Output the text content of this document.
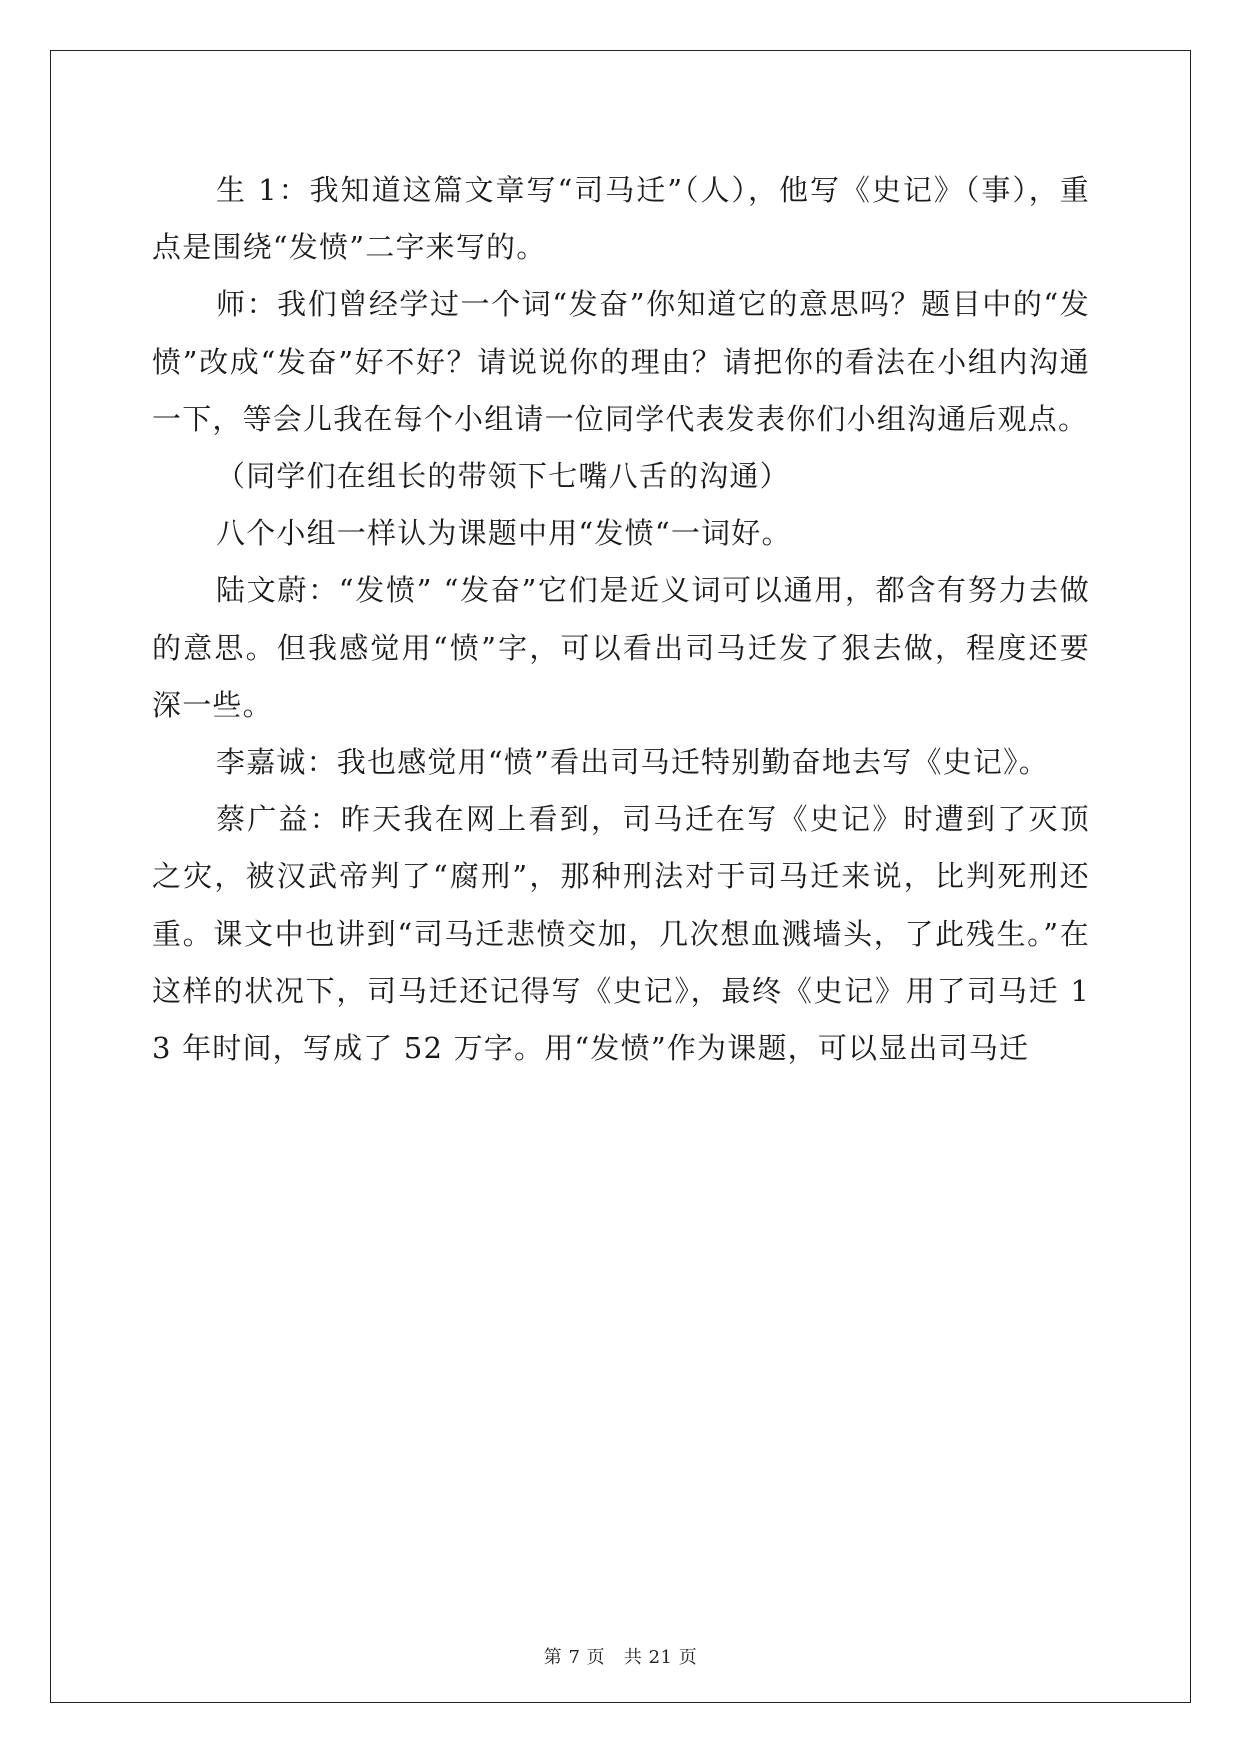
生 1：我知道这篇文章写“司马迁”（人），他写《史记》（事），重点是围绕“发愤”二字来写的。

师：我们曾经学过一个词“发奋”你知道它的意思吗？题目中的“发愤”改成“发奋”好不好？请说说你的理由？请把你的看法在小组内沟通一下，等会儿我在每个小组请一位同学代表发表你们小组沟通后观点。

（同学们在组长的带领下七嘴八舌的沟通）

八个小组一样认为课题中用“发愤“一词好。

陆文蔚：“发愤” “发奋”它们是近义词可以通用，都含有努力去做的意思。但我感觉用“愤”字，可以看出司马迁发了狠去做，程度还要深一些。

李嘉诚：我也感觉用“愤”看出司马迁特别勤奋地去写《史记》。

蔡广益：昨天我在网上看到，司马迁在写《史记》时遭到了灭顶之灾，被汉武帝判了“腐刑”，那种刑法对于司马迁来说，比判死刑还重。课文中也讲到“司马迁悲愤交加，几次想血溅墙头，了此残生。”在这样的状况下，司马迁还记得写《史记》，最终《史记》用了司马迁 13 年时间，写成了 52 万字。用“发愤”作为课题，可以显出司马迁

第 7 页 共 21 页
